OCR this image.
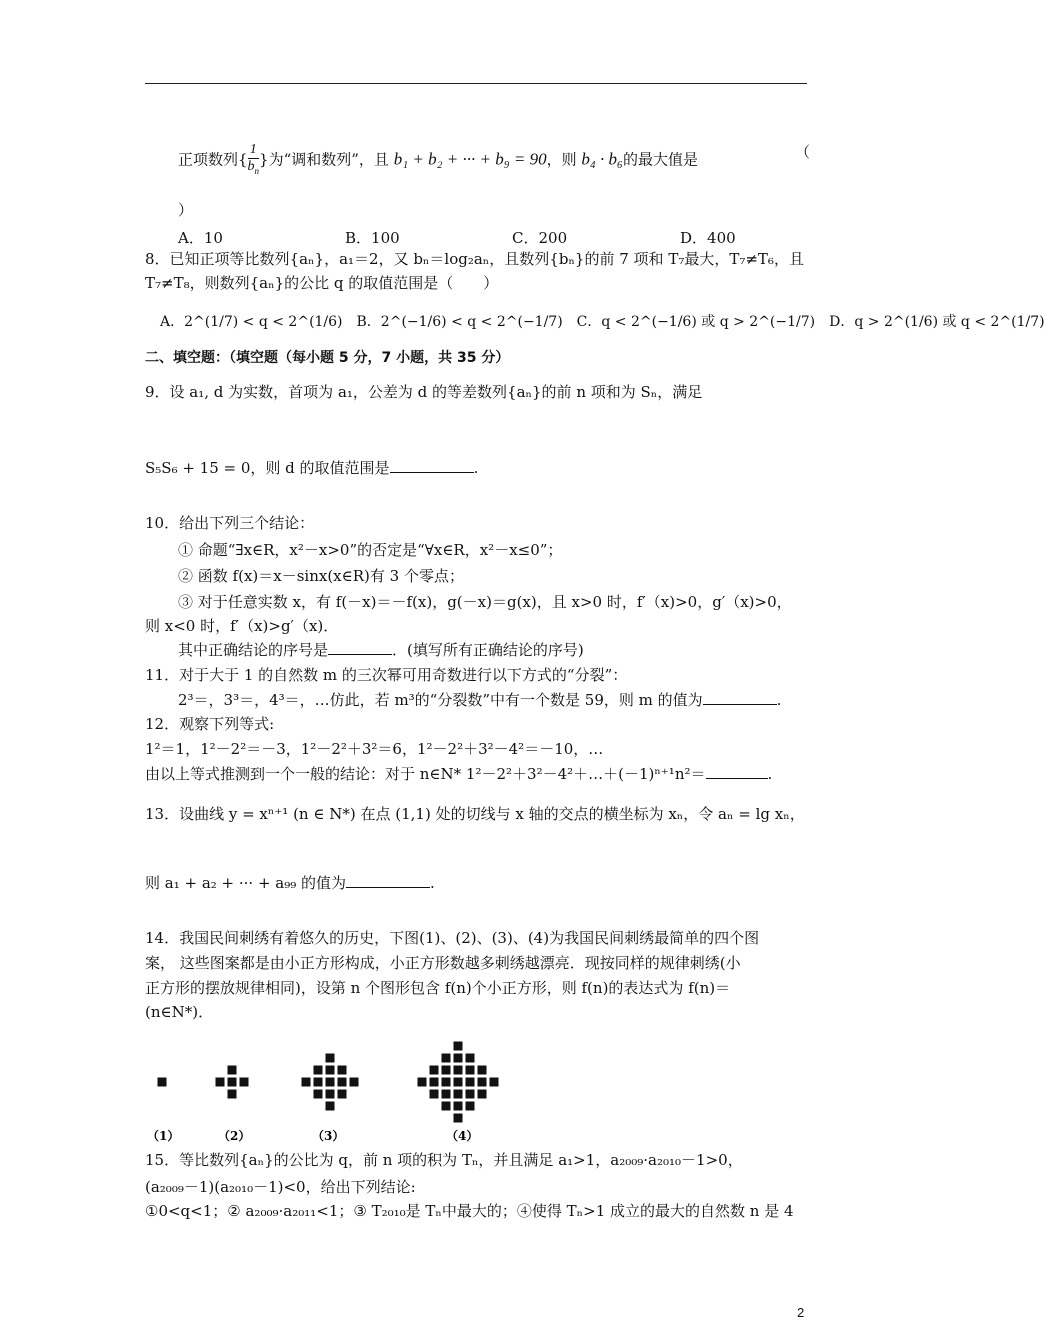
正项数列{ $\frac{1}{b_n}$ }为“调和数列”，且 b₁ + b₂ + ··· + b₉ = 90，则 b₄ · b₆的最大值是	（
）
A．10	B．100	C．200	D．400
8．已知正项等比数列{aₙ}，a₁＝2，又 bₙ＝log₂aₙ，且数列{bₙ}的前 7 项和 T₇最大，T₇≠T₆，且
T₇≠T₈，则数列{aₙ}的公比 q 的取值范围是（　　）
A．2^(1/7) < q < 2^(1/6)　B．2^(−1/6) < q < 2^(−1/7)　C．q < 2^(−1/6) 或 q > 2^(−1/7)　D．q > 2^(1/6) 或 q < 2^(1/7)
二、填空题：（填空题（每小题 5 分，7 小题，共 35 分）
9．设 a₁, d 为实数，首项为 a₁，公差为 d 的等差数列{aₙ}的前 n 项和为 Sₙ，满足
S₅S₆ + 15 = 0，则 d 的取值范围是	.
10．给出下列三个结论：
① 命题“∃x∈R，x²－x>0”的否定是“∀x∈R，x²－x≤0”；
② 函数 f(x)＝x－sinx(x∈R)有 3 个零点；
③ 对于任意实数 x，有 f(－x)＝－f(x)，g(－x)＝g(x)，且 x>0 时，f′（x)>0，g′（x)>0，
则 x<0 时，f′（x)>g′（x)．
其中正确结论的序号是	．(填写所有正确结论的序号)
11．对于大于 1 的自然数 m 的三次幂可用奇数进行以下方式的“分裂”：
2³＝，3³＝，4³＝，…仿此，若 m³的“分裂数”中有一个数是 59，则 m 的值为	.
12．观察下列等式:
1²＝1，1²－2²＝－3，1²－2²＋3²＝6，1²－2²＋3²－4²＝－10，…
由以上等式推测到一个一般的结论：对于 n∈N* 1²－2²＋3²－4²＋…＋(－1)ⁿ⁺¹n²＝	.
13．设曲线 y = xⁿ⁺¹ (n ∈ N*) 在点 (1,1) 处的切线与 x 轴的交点的横坐标为 xₙ，令 aₙ = lg xₙ，
则 a₁ + a₂ + ··· + a₉₉ 的值为	.
14．我国民间刺绣有着悠久的历史，下图(1)、(2)、(3)、(4)为我国民间刺绣最简单的四个图
案， 这些图案都是由小正方形构成，小正方形数越多刺绣越漂亮．现按同样的规律刺绣(小
正方形的摆放规律相同)，设第 n 个图形包含 f(n)个小正方形，则 f(n)的表达式为 f(n)＝
(n∈N*)．
（1）	（2）	（3）	（4）
15．等比数列{aₙ}的公比为 q，前 n 项的积为 Tₙ，并且满足 a₁>1，a₂₀₀₉·a₂₀₁₀－1>0，
(a₂₀₀₉－1)(a₂₀₁₀－1)<0，给出下列结论:
①0<q<1；② a₂₀₀₉·a₂₀₁₁<1；③ T₂₀₁₀是 Tₙ中最大的；④使得 Tₙ>1 成立的最大的自然数 n 是 4
2
